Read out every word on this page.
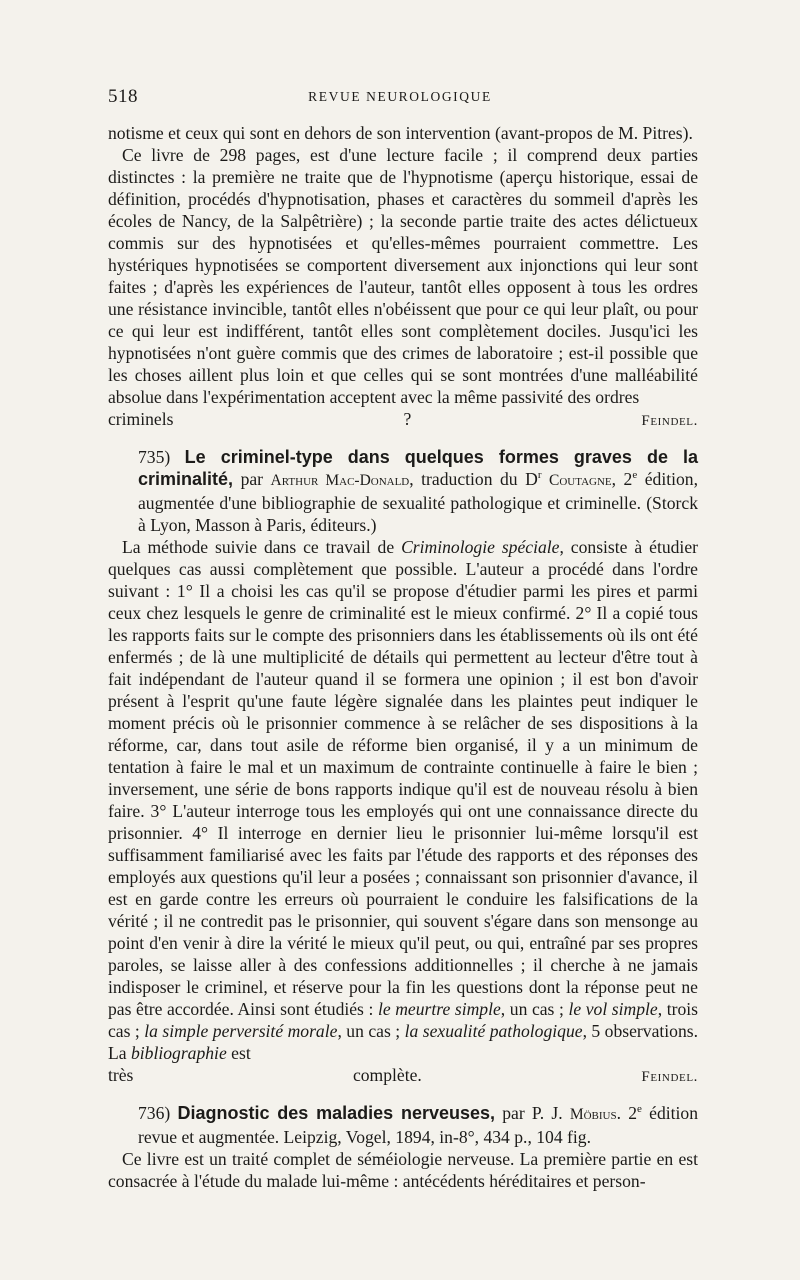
518	REVUE NEUROLOGIQUE

notisme et ceux qui sont en dehors de son intervention (avant-propos de M. Pitres).

Ce livre de 298 pages, est d'une lecture facile ; il comprend deux parties distinctes : la première ne traite que de l'hypnotisme (aperçu historique, essai de définition, procédés d'hypnotisation, phases et caractères du sommeil d'après les écoles de Nancy, de la Salpêtrière) ; la seconde partie traite des actes délictueux commis sur des hypnotisées et qu'elles-mêmes pourraient commettre. Les hystériques hypnotisées se comportent diversement aux injonctions qui leur sont faites ; d'après les expériences de l'auteur, tantôt elles opposent à tous les ordres une résistance invincible, tantôt elles n'obéissent que pour ce qui leur plaît, ou pour ce qui leur est indifférent, tantôt elles sont complètement dociles. Jusqu'ici les hypnotisées n'ont guère commis que des crimes de laboratoire ; est-il possible que les choses aillent plus loin et que celles qui se sont montrées d'une malléabilité absolue dans l'expérimentation acceptent avec la même passivité des ordres

criminels ?	Feindel.

735) Le criminel-type dans quelques formes graves de la criminalité, par Arthur Mac-Donald, traduction du $D^r$ Coutagne, 2e édition, augmentée d'une bibliographie de sexualité pathologique et criminelle. (Storck à Lyon, Masson à Paris, éditeurs.)

La méthode suivie dans ce travail de Criminologie spéciale, consiste à étudier quelques cas aussi complètement que possible. L'auteur a procédé dans l'ordre suivant : 1° Il a choisi les cas qu'il se propose d'étudier parmi les pires et parmi ceux chez lesquels le genre de criminalité est le mieux confirmé. 2° Il a copié tous les rapports faits sur le compte des prisonniers dans les établissements où ils ont été enfermés ; de là une multiplicité de détails qui permettent au lecteur d'être tout à fait indépendant de l'auteur quand il se formera une opinion ; il est bon d'avoir présent à l'esprit qu'une faute légère signalée dans les plaintes peut indiquer le moment précis où le prisonnier commence à se relâcher de ses dispositions à la réforme, car, dans tout asile de réforme bien organisé, il y a un minimum de tentation à faire le mal et un maximum de contrainte continuelle à faire le bien ; inversement, une série de bons rapports indique qu'il est de nouveau résolu à bien faire. 3° L'auteur interroge tous les employés qui ont une connaissance directe du prisonnier. 4° Il interroge en dernier lieu le prisonnier lui-même lorsqu'il est suffisamment familiarisé avec les faits par l'étude des rapports et des réponses des employés aux questions qu'il leur a posées ; connaissant son prisonnier d'avance, il est en garde contre les erreurs où pourraient le conduire les falsifications de la vérité ; il ne contredit pas le prisonnier, qui souvent s'égare dans son mensonge au point d'en venir à dire la vérité le mieux qu'il peut, ou qui, entraîné par ses propres paroles, se laisse aller à des confessions additionnelles ; il cherche à ne jamais indisposer le criminel, et réserve pour la fin les questions dont la réponse peut ne pas être accordée. Ainsi sont étudiés : le meurtre simple, un cas ; le vol simple, trois cas ; la simple perversité morale, un cas ; la sexualité pathologique, 5 observations. La bibliographie est

très complète.	Feindel.

736) Diagnostic des maladies nerveuses, par P. J. Möbius. 2e édition revue et augmentée. Leipzig, Vogel, 1894, in-8°, 434 p., 104 fig.

Ce livre est un traité complet de séméiologie nerveuse. La première partie en est consacrée à l'étude du malade lui-même : antécédents héréditaires et person-
